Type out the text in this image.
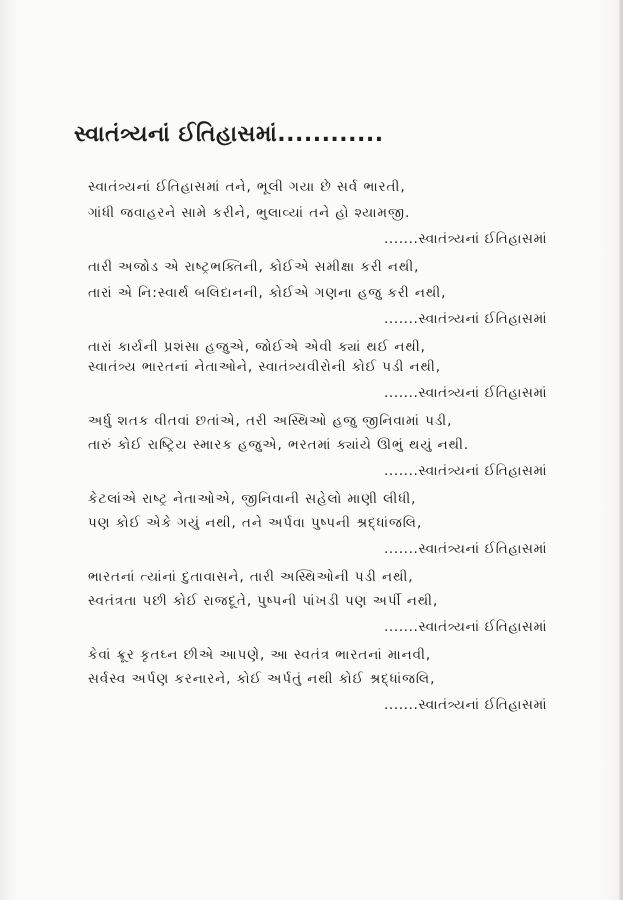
સ્વાતંત્ર્યનાં ઈતિહાસમાં............
સ્વાતંત્ર્યનાં ઈતિહાસમાં તને, ભૂલી ગયા છે સર્વ ભારતી,
ગાંધી જવાહરને સામે કરીને, ભુલાવ્યાં તને હો શ્યામજી.
.......સ્વાતંત્ર્યનાં ઈતિહાસમાં
તારી અજોડ એ રાષ્ટ્રભક્તિની, કોઈએ સમીક્ષા કરી નથી,
તારાં એ નિ:સ્વાર્થ બલિદાનની, કોઈએ ગણના હજુ કરી નથી,
.......સ્વાતંત્ર્યનાં ઈતિહાસમાં
તારાં કાર્યની પ્રશંસા હજુએ, જોઈએ એવી ક્યાં થઈ નથી,
સ્વાતંત્ર્ય ભારતનાં નેતાઓને, સ્વાતંત્ર્યવીરોની કોઈ પડી નથી,
.......સ્વાતંત્ર્યનાં ઈતિહાસમાં
અર્ધુ શતક વીતવાં છતાંએ, તરી અસ્થિઓ હજુ જીનિવામાં પડી,
તારું કોઈ રાષ્ટ્રિય સ્મારક હજુએ, ભરતમાં ક્યાંયે ઊભું થયું નથી.
.......સ્વાતંત્ર્યનાં ઈતિહાસમાં
કેટલાંએ રાષ્ટ્ર નેતાઓએ, જીનિવાની સહેલો માણી લીધી,
પણ કોઈ એકે ગયું નથી, તને અર્પવા પુષ્પની શ્રદ્ધાંજલિ,
.......સ્વાતંત્ર્યનાં ઈતિહાસમાં
ભારતનાં ત્યાંનાં દુતાવાસને, તારી અસ્થિઓની પડી નથી,
સ્વતંત્રતા પછી કોઈ રાજદૂતે, પુષ્પની પાંખડી પણ અર્પી નથી,
.......સ્વાતંત્ર્યનાં ઈતિહાસમાં
કેવાં ક્રૂર કૃતઘ્ન છીએ આપણે, આ સ્વતંત્ર ભારતનાં માનવી,
સર્વસ્વ અર્પણ કરનારને, કોઈ અર્પતું નથી કોઈ શ્રદ્ધાંજલિ,
.......સ્વાતંત્ર્યનાં ઈતિહાસમાં
